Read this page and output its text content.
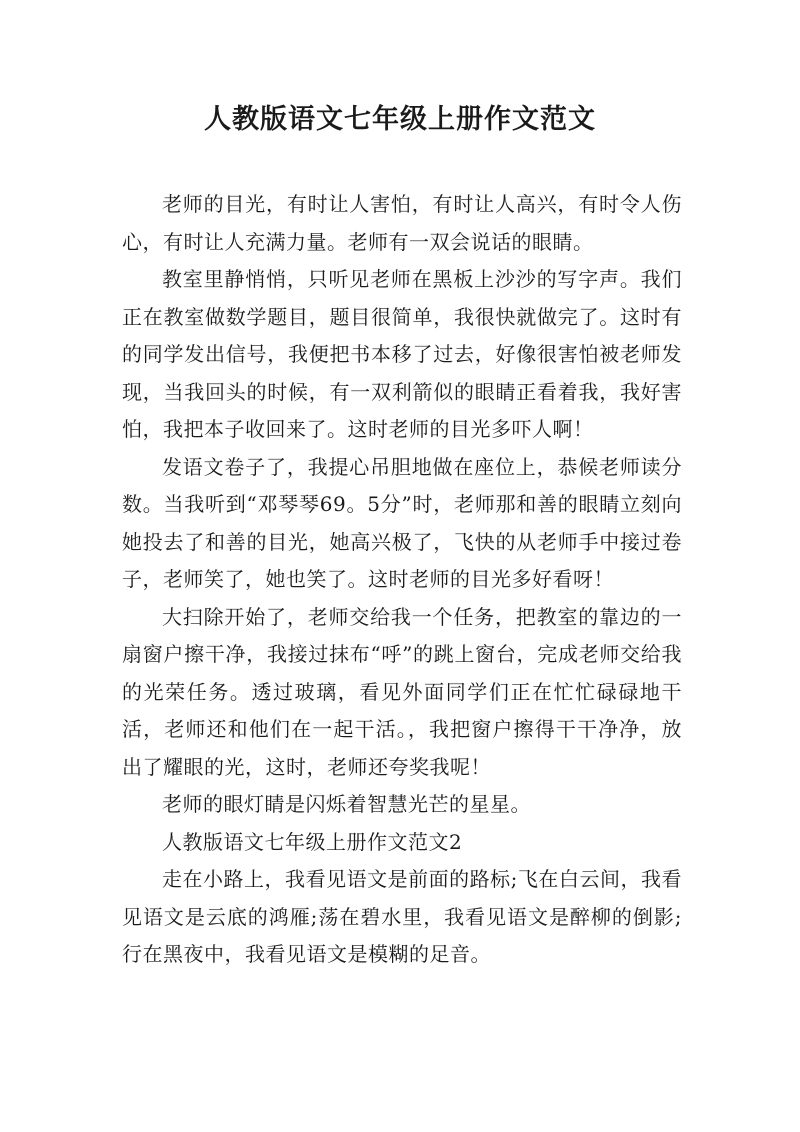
人教版语文七年级上册作文范文

老师的目光，有时让人害怕，有时让人高兴，有时令人伤心，有时让人充满力量。老师有一双会说话的眼睛。

教室里静悄悄，只听见老师在黑板上沙沙的写字声。我们正在教室做数学题目，题目很简单，我很快就做完了。这时有的同学发出信号，我便把书本移了过去，好像很害怕被老师发现，当我回头的时候，有一双利箭似的眼睛正看着我，我好害怕，我把本子收回来了。这时老师的目光多吓人啊！

发语文卷子了，我提心吊胆地做在座位上，恭候老师读分数。当我听到“邓琴琴69。5分”时，老师那和善的眼睛立刻向她投去了和善的目光，她高兴极了，飞快的从老师手中接过卷子，老师笑了，她也笑了。这时老师的目光多好看呀！

大扫除开始了，老师交给我一个任务，把教室的靠边的一扇窗户擦干净，我接过抹布“呼”的跳上窗台，完成老师交给我的光荣任务。透过玻璃，看见外面同学们正在忙忙碌碌地干活，老师还和他们在一起干活。，我把窗户擦得干干净净，放出了耀眼的光，这时，老师还夸奖我呢！

老师的眼灯睛是闪烁着智慧光芒的星星。

人教版语文七年级上册作文范文2

走在小路上，我看见语文是前面的路标;飞在白云间，我看见语文是云底的鸿雁;荡在碧水里，我看见语文是醉柳的倒影;行在黑夜中，我看见语文是模糊的足音。
